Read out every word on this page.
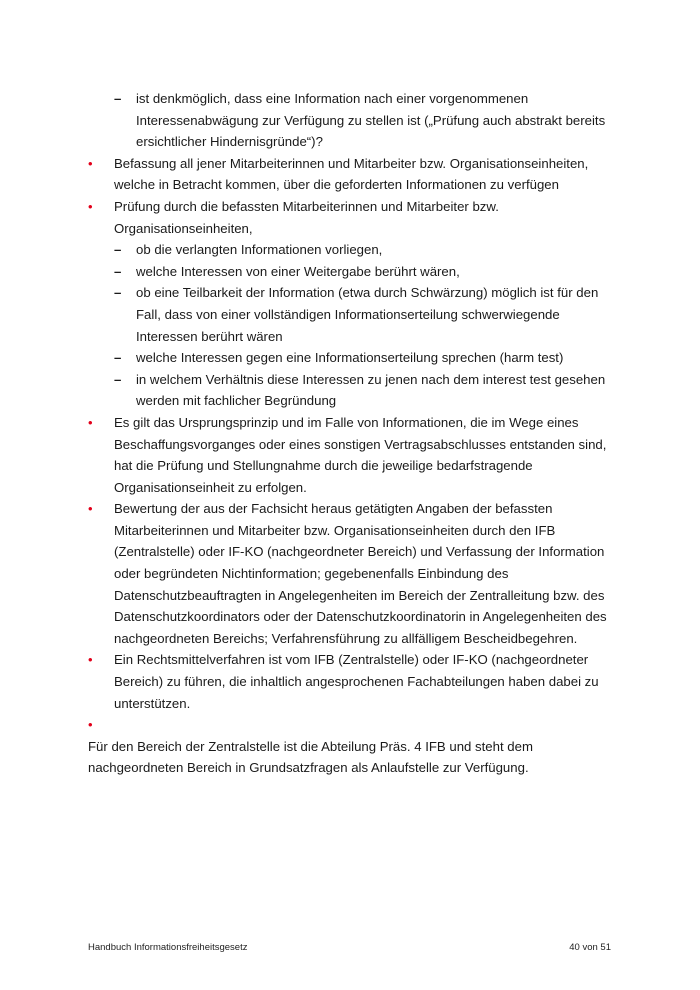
– ist denkmöglich, dass eine Information nach einer vorgenommenen Interessenabwägung zur Verfügung zu stellen ist („Prüfung auch abstrakt bereits ersichtlicher Hindernisgründe“)?
• Befassung all jener Mitarbeiterinnen und Mitarbeiter bzw. Organisationseinheiten, welche in Betracht kommen, über die geforderten Informationen zu verfügen
• Prüfung durch die befassten Mitarbeiterinnen und Mitarbeiter bzw. Organisationseinheiten,
– ob die verlangten Informationen vorliegen,
– welche Interessen von einer Weitergabe berührt wären,
– ob eine Teilbarkeit der Information (etwa durch Schwärzung) möglich ist für den Fall, dass von einer vollständigen Informationserteilung schwerwiegende Interessen berührt wären
– welche Interessen gegen eine Informationserteilung sprechen (harm test)
– in welchem Verhältnis diese Interessen zu jenen nach dem interest test gesehen werden mit fachlicher Begründung
• Es gilt das Ursprungsprinzip und im Falle von Informationen, die im Wege eines Beschaffungsvorganges oder eines sonstigen Vertragsabschlusses entstanden sind, hat die Prüfung und Stellungnahme durch die jeweilige bedarfstragende Organisationseinheit zu erfolgen.
• Bewertung der aus der Fachsicht heraus getätigten Angaben der befassten Mitarbeiterinnen und Mitarbeiter bzw. Organisationseinheiten durch den IFB (Zentralstelle) oder IF-KO (nachgeordneter Bereich) und Verfassung der Information oder begründeten Nichtinformation; gegebenenfalls Einbindung des Datenschutzbeauftragten in Angelegenheiten im Bereich der Zentralleitung bzw. des Datenschutzkoordinators oder der Datenschutzkoordinatorin in Angelegenheiten des nachgeordneten Bereichs; Verfahrensführung zu allfälligem Bescheidbegehren.
• Ein Rechtsmittelverfahren ist vom IFB (Zentralstelle) oder IF-KO (nachgeordneter Bereich) zu führen, die inhaltlich angesprochenen Fachabteilungen haben dabei zu unterstützen.
•

Für den Bereich der Zentralstelle ist die Abteilung Präs. 4 IFB und steht dem nachgeordneten Bereich in Grundsatzfragen als Anlaufstelle zur Verfügung.

Handbuch Informationsfreiheitsgesetz	40 von 51
